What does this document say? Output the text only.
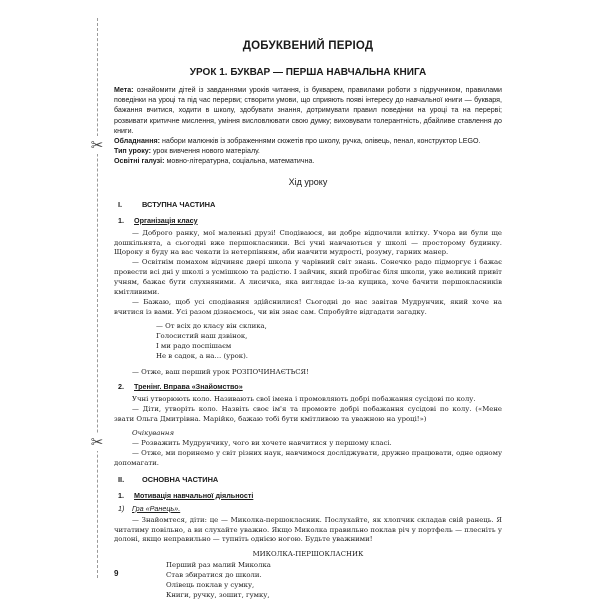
✂
✂
ДОБУКВЕНИЙ ПЕРІОД
УРОК 1. БУКВАР — ПЕРША НАВЧАЛЬНА КНИГА

Мета: ознайомити дітей із завданнями уроків читання, із букварем, правилами роботи з підручником, правилами поведінки на уроці та під час перерви; створити умови, що сприяють появі інтересу до навчальної книги — букваря, бажання вчитися, ходити в школу, здобувати знання, дотримувати правил поведінки на уроці та на перерві; розвивати критичне мислення, уміння висловлювати свою думку; виховувати толерантність, дбайливе ставлення до книги.

Обладнання: набори малюнків із зображеннями сюжетів про школу, ручка, олівець, пенал, конструктор LEGO.

Тип уроку: урок вивчення нового матеріалу.

Освітні галузі: мовно-літературна, соціальна, математична.

Хід уроку
I.	ВСТУПНА ЧАСТИНА
1. Організація класу

— Доброго ранку, мої маленькі друзі! Сподіваюся, ви добре відпочили влітку. Учора ви були ще дошкільнята, а сьогодні вже першокласники. Всі учні навчаються у школі — просторому будинку. Щороку я буду на вас чекати із нетерпінням, аби навчити мудрості, розуму, гарних манер.

— Освітнім помахом відчиняє двері школа у чарівний світ знань. Сонечко радо підморгує і бажає провести всі дні у школі з усмішкою та радістю. І зайчик, який пробігає біля школи, уже великий привіт учням, бажає бути слухняними. А лисичка, яка виглядає із-за кущика, хоче бачити першокласників кмітливими.

— Бажаю, щоб усі сподівання здійснилися! Сьогодні до нас завітав Мудрунчик, який хоче на вчитися із вами. Усі разом дізнаємось, чи він знає сам. Спробуйте відгадати загадку.

— От всіх до класу він склика,
Голосистий наш дзвінок,
І ми радо поспішаєм
Не в садок, а на… (урок).

— Отже, ваш перший урок РОЗПОЧИНАЄТЬСЯ!

2. Тренінг. Вправа «Знайомство»

Учні утворюють коло. Називають свої імена і промовляють добрі побажання сусідові по колу.

— Діти, утворіть коло. Назвіть своє ім'я та промовте добрі побажання сусідові по колу. («Мене звати Ольга Дмитрівна. Марійко, бажаю тобі бути кмітливою та уважною на уроці!»)

Очікування

— Розважить Мудрунчику, чого ви хочете навчитися у першому класі.

— Отже, ми поринемо у світ різних наук, навчимося досліджувати, дружно працювати, одне одному допомагати.

II. ОСНОВНА ЧАСТИНА
1. Мотивація навчальної діяльності
1) Гра «Ранець».

— Знайомтеся, діти: це — Миколка-першокласник. Послухайте, як хлопчик складав свій ранець. Я читатиму повільно, а ви слухайте уважно. Якщо Миколка правильно поклав річ у портфель — плесніть у долоні, якщо неправильно — тупніть однією ногою. Будьте уважними!

МИКОЛКА-ПЕРШОКЛАСНИК
Перший раз малий Миколка
Став збиратися до школи.
Олівець поклав у сумку,
Книги, ручку, зошит, гумку,
9
